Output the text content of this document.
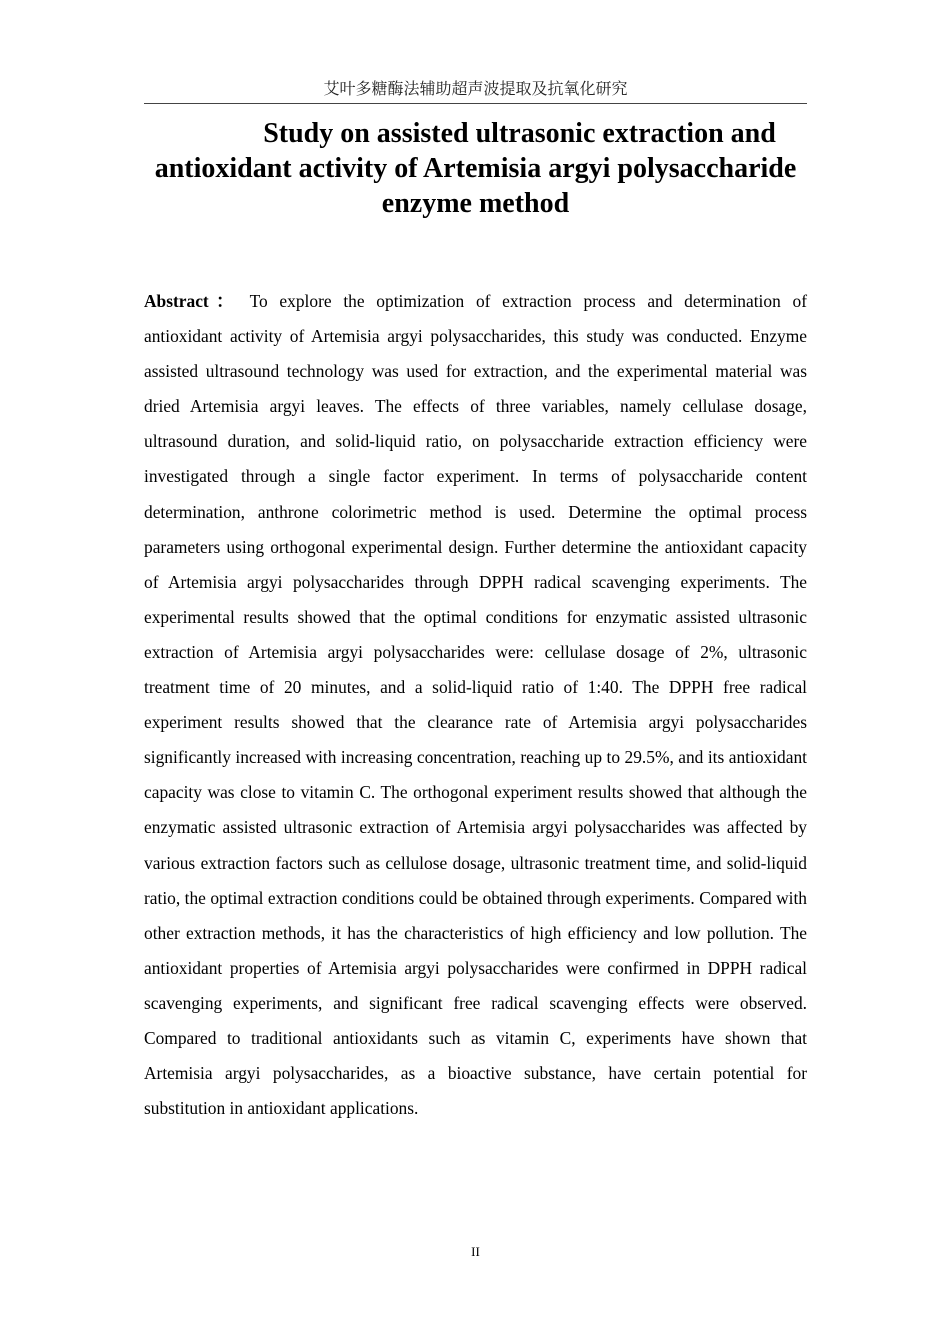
艾叶多糖酶法辅助超声波提取及抗氧化研究
Study on assisted ultrasonic extraction and
antioxidant activity of Artemisia argyi polysaccharide
enzyme method

Abstract：  To explore the optimization of extraction process and determination of antioxidant activity of Artemisia argyi polysaccharides, this study was conducted. Enzyme assisted ultrasound technology was used for extraction, and the experimental material was dried Artemisia argyi leaves. The effects of three variables, namely cellulase dosage, ultrasound duration, and solid-liquid ratio, on polysaccharide extraction efficiency were investigated through a single factor experiment. In terms of polysaccharide content determination, anthrone colorimetric method is used. Determine the optimal process parameters using orthogonal experimental design. Further determine the antioxidant capacity of Artemisia argyi polysaccharides through DPPH radical scavenging experiments. The experimental results showed that the optimal conditions for enzymatic assisted ultrasonic extraction of Artemisia argyi polysaccharides were: cellulase dosage of 2%, ultrasonic treatment time of 20 minutes, and a solid-liquid ratio of 1:40. The DPPH free radical experiment results showed that the clearance rate of Artemisia argyi polysaccharides significantly increased with increasing concentration, reaching up to 29.5%, and its antioxidant capacity was close to vitamin C. The orthogonal experiment results showed that although the enzymatic assisted ultrasonic extraction of Artemisia argyi polysaccharides was affected by various extraction factors such as cellulose dosage, ultrasonic treatment time, and solid-liquid ratio, the optimal extraction conditions could be obtained through experiments. Compared with other extraction methods, it has the characteristics of high efficiency and low pollution. The antioxidant properties of Artemisia argyi polysaccharides were confirmed in DPPH radical scavenging experiments, and significant free radical scavenging effects were observed. Compared to traditional antioxidants such as vitamin C, experiments have shown that Artemisia argyi polysaccharides, as a bioactive substance, have certain potential for substitution in antioxidant applications.

II
